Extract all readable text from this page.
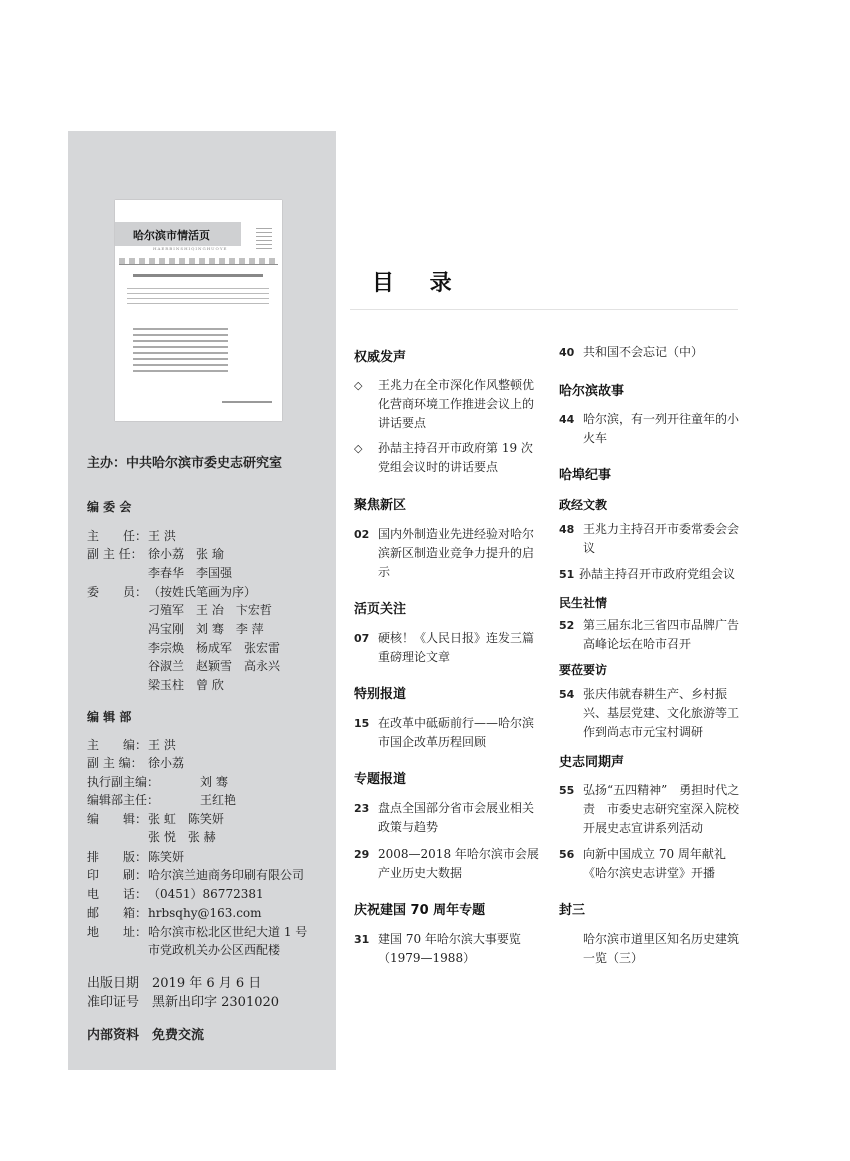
哈尔滨市情活页
HAERBINSHIQINGHUOYE
主办：中共哈尔滨市委史志研究室
编 委 会
主　　任： 王 洪
副 主 任： 徐小荔　张 瑜
李春华　李国强
委　　员： （按姓氏笔画为序）
刁殖军　王 冶　卞宏哲
冯宝刚　刘 骞　李 萍
李宗焕　杨成军　张宏雷
谷淑兰　赵颖雪　高永兴
梁玉柱　曾 欣
编 辑 部
主　　编： 王 洪
副 主 编： 徐小荔
执行副主编：	刘 骞
编辑部主任：	王红艳
编　　辑： 张 虹　陈笑妍
张 悦　张 赫
排　　版： 陈笑妍
印　　刷： 哈尔滨兰迪商务印刷有限公司
电　　话： （0451）86772381
邮　　箱： hrbsqhy@163.com
地　　址： 哈尔滨市松北区世纪大道 1 号
市党政机关办公区西配楼
出版日期　2019 年 6 月 6 日
准印证号　黑新出印字 2301020
内部资料　免费交流
目 录
权威发声
◇	王兆力在全市深化作风整顿优化营商环境工作推进会议上的讲话要点
◇	孙喆主持召开市政府第 19 次党组会议时的讲话要点
聚焦新区
02 国内外制造业先进经验对哈尔滨新区制造业竞争力提升的启示
活页关注
07 硬核！《人民日报》连发三篇重磅理论文章
特别报道
15 在改革中砥砺前行——哈尔滨市国企改革历程回顾
专题报道
23 盘点全国部分省市会展业相关政策与趋势
29 2008—2018 年哈尔滨市会展产业历史大数据
庆祝建国 70 周年专题
31 建国 70 年哈尔滨大事要览（1979—1988）
40 共和国不会忘记（中）
哈尔滨故事
44 哈尔滨，有一列开往童年的小火车
哈埠纪事
政经文教
48 王兆力主持召开市委常委会会议
51 孙喆主持召开市政府党组会议
民生社情
52 第三届东北三省四市品牌广告高峰论坛在哈市召开
要莅要访
54 张庆伟就春耕生产、乡村振兴、基层党建、文化旅游等工作到尚志市元宝村调研
史志同期声
55 弘扬“五四精神”　勇担时代之责　市委史志研究室深入院校开展史志宣讲系列活动
56 向新中国成立 70 周年献礼《哈尔滨史志讲堂》开播
封三
哈尔滨市道里区知名历史建筑一览（三）
